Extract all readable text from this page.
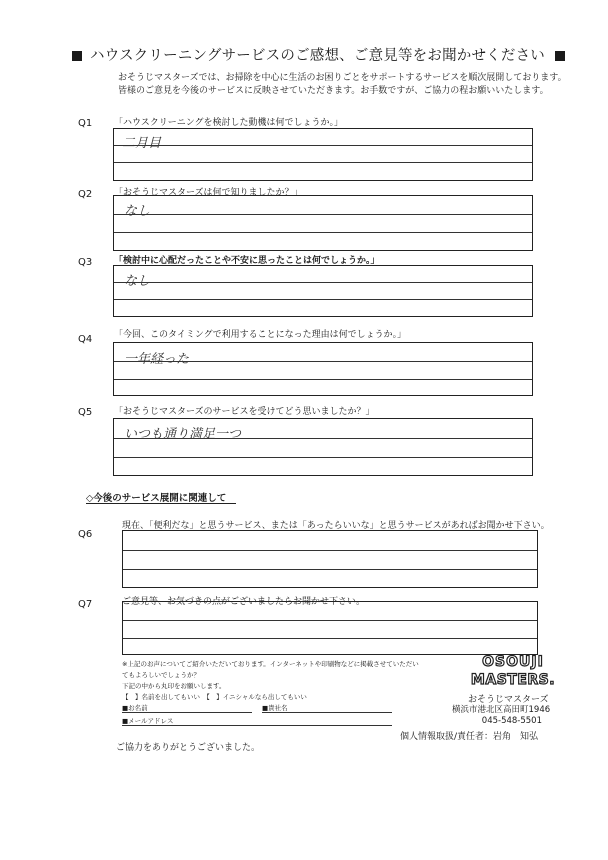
ハウスクリーニングサービスのご感想、ご意見等をお聞かせください
おそうじマスターズでは、お掃除を中心に生活のお困りごとをサポートするサービスを順次展開しております。
皆様のご意見を今後のサービスに反映させていただきます。お手数ですが、ご協力の程お願いいたします。
Q1 「ハウスクリーニングを検討した動機は何でしょうか。」
二月目
Q2 「おそうじマスターズは何で知りましたか？」
なし
Q3 「検討中に心配だったことや不安に思ったことは何でしょうか。」
なし
Q4 「今回、このタイミングで利用することになった理由は何でしょうか。」
一年経った
Q5 「おそうじマスターズのサービスを受けてどう思いましたか？」
いつも通り満足一つ
◇今後のサービス展開に関連して
Q6
現在、「便利だな」と思うサービス、または「あったらいいな」と思うサービスがあればお聞かせ下さい。
Q7	ご意見等、お気づきの点がございましたらお聞かせ下さい。
※上記のお声についてご紹介いただいております。インターネットや印刷物などに掲載させていただいてもよろしいでしょうか？
下記の中から丸印をお願いします。
【　】名前を出してもいい　【　】イニシャルなら出してもいい
■お名前	■貴社名
■メールアドレス
ご協力をありがとうございました。
OSOUJI
MASTERS.
おそうじマスターズ
横浜市港北区高田町1946
045-548-5501
個人情報取扱/責任者：岩角　知弘
